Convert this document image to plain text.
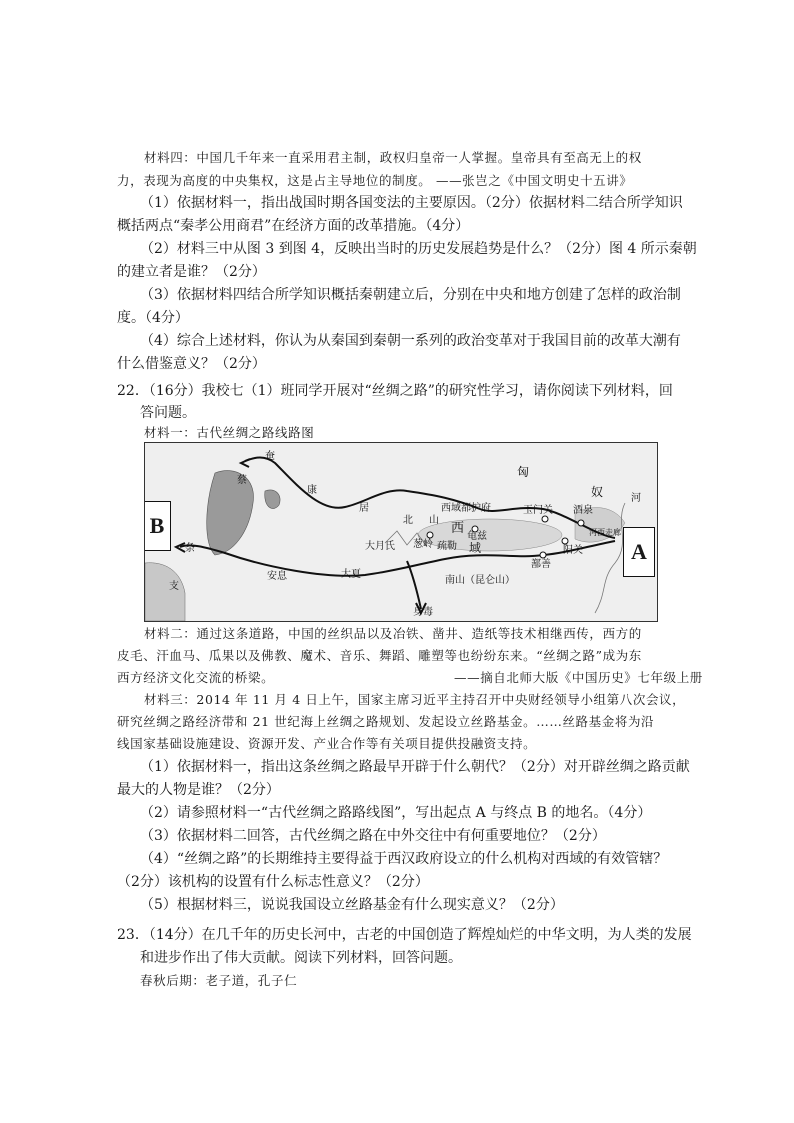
材料四：中国几千年来一直采用君主制，政权归皇帝一人掌握。皇帝具有至高无上的权
力，表现为高度的中央集权，这是占主导地位的制度。 ——张岂之《中国文明史十五讲》
（1）依据材料一，指出战国时期各国变法的主要原因。（2分）依据材料二结合所学知识
概括两点“秦孝公用商君”在经济方面的改革措施。（4分）
（2）材料三中从图 3 到图 4，反映出当时的历史发展趋势是什么？（2分）图 4 所示秦朝
的建立者是谁？（2分）
（3）依据材料四结合所学知识概括秦朝建立后，分别在中央和地方创建了怎样的政治制
度。（4分）
（4）综合上述材料，你认为从秦国到秦朝一系列的政治变革对于我国目前的改革大潮有
什么借鉴意义？（2分）
22．（16分）我校七（1）班同学开展对“丝绸之路”的研究性学习，请你阅读下列材料，回
答问题。
材料一：古代丝绸之路线路图
奄
蔡
康
居
匈
奴
西域都护府
西
域
北 山
玉门关 酒泉
龟兹
葱岭 疏勒
鄯善
阳关
大月氏
大夏
安息
条
支
南山（昆仑山）
身毒
河
河西走廊
A
B
材料二：通过这条道路，中国的丝织品以及冶铁、凿井、造纸等技术相继西传，西方的
皮毛、汗血马、瓜果以及佛教、魔术、音乐、舞蹈、雕塑等也纷纷东来。“丝绸之路”成为东
西方经济文化交流的桥梁。	——摘自北师大版《中国历史》七年级上册
材料三：2014 年 11 月 4 日上午，国家主席习近平主持召开中央财经领导小组第八次会议，
研究丝绸之路经济带和 21 世纪海上丝绸之路规划、发起设立丝路基金。……丝路基金将为沿
线国家基础设施建设、资源开发、产业合作等有关项目提供投融资支持。
（1）依据材料一，指出这条丝绸之路最早开辟于什么朝代？（2分）对开辟丝绸之路贡献
最大的人物是谁？（2分）
（2）请参照材料一“古代丝绸之路路线图”，写出起点 A 与终点 B 的地名。（4分）
（3）依据材料二回答，古代丝绸之路在中外交往中有何重要地位？（2分）
（4）“丝绸之路”的长期维持主要得益于西汉政府设立的什么机构对西域的有效管辖？
（2分）该机构的设置有什么标志性意义？（2分）
（5）根据材料三，说说我国设立丝路基金有什么现实意义？（2分）
23．（14分）在几千年的历史长河中，古老的中国创造了辉煌灿烂的中华文明，为人类的发展
和进步作出了伟大贡献。阅读下列材料，回答问题。
春秋后期：老子道，孔子仁
